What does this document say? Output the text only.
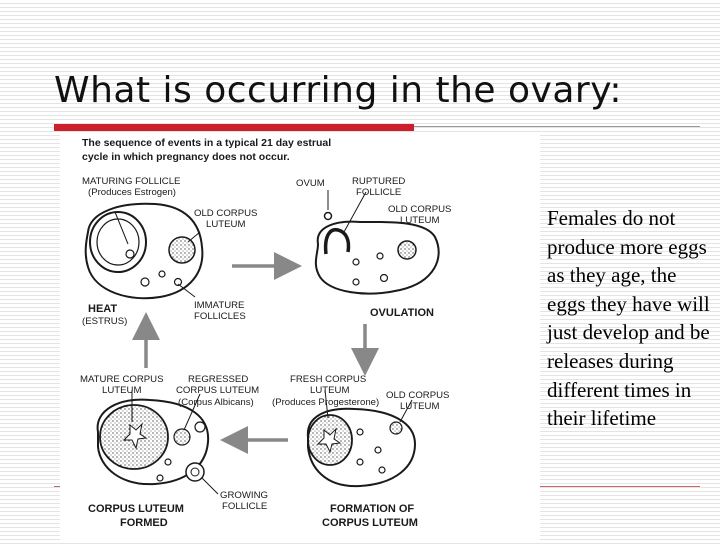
What is occurring in the ovary:
The sequence of events in a typical 21 day estrual
cycle in which pregnancy does not occur.
MATURING FOLLICLE
(Produces Estrogen)
OVUM	RUPTURED
FOLLICLE
OLD CORPUS
LUTEUM
OLD CORPUS
LUTEUM
HEAT
(ESTRUS)
IMMATURE
FOLLICLES	OVULATION
MATURE CORPUS
LUTEUM
REGRESSED
CORPUS LUTEUM
(Corpus Albicans)
FRESH CORPUS
LUTEUM
(Produces Progesterone)
OLD CORPUS
LUTEUM
GROWING
FOLLICLE
CORPUS LUTEUM
FORMED
FORMATION OF
CORPUS LUTEUM

Females do not produce more eggs as they age, the eggs they have will just develop and be releases during different times in their lifetime
